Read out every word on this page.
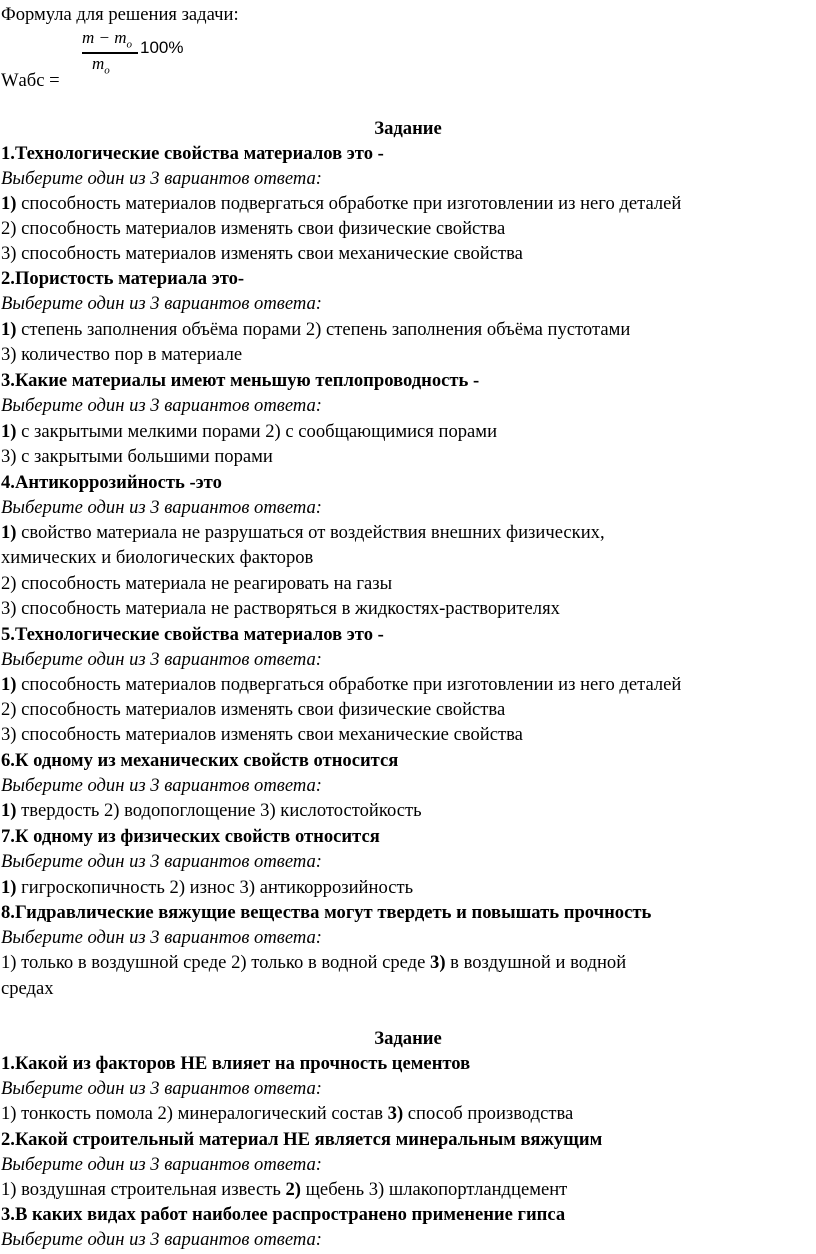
Формула для решения задачи:
$m - m_o$
$m_o$
100%
Wабс =
Задание
1.Технологические свойства материалов это -
Выберите один из 3 вариантов ответа:
1) способность материалов подвергаться обработке при изготовлении из него деталей
2) способность материалов изменять свои физические свойства
3) способность материалов изменять свои механические свойства
2.Пористость материала это-
Выберите один из 3 вариантов ответа:
1) степень заполнения объёма порами 2) степень заполнения объёма пустотами
3) количество пор в материале
3.Какие материалы имеют меньшую теплопроводность -
Выберите один из 3 вариантов ответа:
1) с закрытыми мелкими порами 2) с сообщающимися порами
3) с закрытыми большими порами
4.Антикоррозийность -это
Выберите один из 3 вариантов ответа:
1) свойство материала не разрушаться от воздействия внешних физических,
химических и биологических факторов
2) способность материала не реагировать на газы
3) способность материала не растворяться в жидкостях-растворителях
5.Технологические свойства материалов это -
Выберите один из 3 вариантов ответа:
1) способность материалов подвергаться обработке при изготовлении из него деталей
2) способность материалов изменять свои физические свойства
3) способность материалов изменять свои механические свойства
6.К одному из механических свойств относится
Выберите один из 3 вариантов ответа:
1) твердость 2) водопоглощение 3) кислотостойкость
7.К одному из физических свойств относится
Выберите один из 3 вариантов ответа:
1) гигроскопичность 2) износ 3) антикоррозийность
8.Гидравлические вяжущие вещества могут твердеть и повышать прочность
Выберите один из 3 вариантов ответа:
1) только в воздушной среде 2) только в водной среде 3) в воздушной и водной
средах
Задание
1.Какой из факторов НЕ влияет на прочность цементов
Выберите один из 3 вариантов ответа:
1) тонкость помола 2) минералогический состав 3) способ производства
2.Какой строительный материал НЕ является минеральным вяжущим
Выберите один из 3 вариантов ответа:
1) воздушная строительная известь 2) щебень 3) шлакопортландцемент
3.В каких видах работ наиболее распространено применение гипса
Выберите один из 3 вариантов ответа:
